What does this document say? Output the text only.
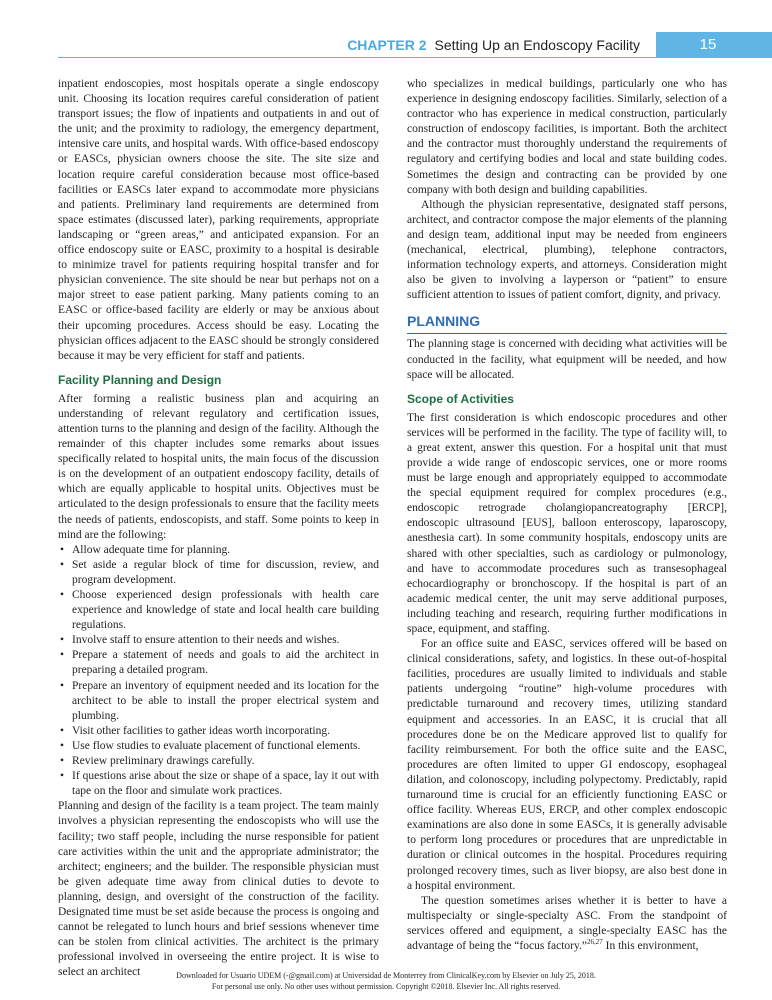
CHAPTER 2 Setting Up an Endoscopy Facility	15

inpatient endoscopies, most hospitals operate a single endoscopy unit. Choosing its location requires careful consideration of patient transport issues; the flow of inpatients and outpatients in and out of the unit; and the proximity to radiology, the emergency department, intensive care units, and hospital wards. With office-based endoscopy or EASCs, physician owners choose the site. The site size and location require careful consideration because most office-based facilities or EASCs later expand to accommodate more physicians and patients. Preliminary land requirements are determined from space estimates (discussed later), parking requirements, appropriate landscaping or “green areas,” and anticipated expansion. For an office endoscopy suite or EASC, proximity to a hospital is desirable to minimize travel for patients requiring hospital transfer and for physician convenience. The site should be near but perhaps not on a major street to ease patient parking. Many patients coming to an EASC or office-based facility are elderly or may be anxious about their upcoming procedures. Access should be easy. Locating the physician offices adjacent to the EASC should be strongly considered because it may be very efficient for staff and patients.

Facility Planning and Design

After forming a realistic business plan and acquiring an understanding of relevant regulatory and certification issues, attention turns to the planning and design of the facility. Although the remainder of this chapter includes some remarks about issues specifically related to hospital units, the main focus of the discussion is on the development of an outpatient endoscopy facility, details of which are equally applicable to hospital units. Objectives must be articulated to the design professionals to ensure that the facility meets the needs of patients, endoscopists, and staff. Some points to keep in mind are the following:

• Allow adequate time for planning.
• Set aside a regular block of time for discussion, review, and program development.
• Choose experienced design professionals with health care experience and knowledge of state and local health care building regulations.
• Involve staff to ensure attention to their needs and wishes.
• Prepare a statement of needs and goals to aid the architect in preparing a detailed program.
• Prepare an inventory of equipment needed and its location for the architect to be able to install the proper electrical system and plumbing.
• Visit other facilities to gather ideas worth incorporating.
• Use flow studies to evaluate placement of functional elements.
• Review preliminary drawings carefully.
• If questions arise about the size or shape of a space, lay it out with tape on the floor and simulate work practices.

Planning and design of the facility is a team project. The team mainly involves a physician representing the endoscopists who will use the facility; two staff people, including the nurse responsible for patient care activities within the unit and the appropriate administrator; the architect; engineers; and the builder. The responsible physician must be given adequate time away from clinical duties to devote to planning, design, and oversight of the construction of the facility. Designated time must be set aside because the process is ongoing and cannot be relegated to lunch hours and brief sessions whenever time can be stolen from clinical activities. The architect is the primary professional involved in overseeing the entire project. It is wise to select an architect

who specializes in medical buildings, particularly one who has experience in designing endoscopy facilities. Similarly, selection of a contractor who has experience in medical construction, particularly construction of endoscopy facilities, is important. Both the architect and the contractor must thoroughly understand the requirements of regulatory and certifying bodies and local and state building codes. Sometimes the design and contracting can be provided by one company with both design and building capabilities.

Although the physician representative, designated staff persons, architect, and contractor compose the major elements of the planning and design team, additional input may be needed from engineers (mechanical, electrical, plumbing), telephone contractors, information technology experts, and attorneys. Consideration might also be given to involving a layperson or “patient” to ensure sufficient attention to issues of patient comfort, dignity, and privacy.

PLANNING

The planning stage is concerned with deciding what activities will be conducted in the facility, what equipment will be needed, and how space will be allocated.

Scope of Activities

The first consideration is which endoscopic procedures and other services will be performed in the facility. The type of facility will, to a great extent, answer this question. For a hospital unit that must provide a wide range of endoscopic services, one or more rooms must be large enough and appropriately equipped to accommodate the special equipment required for complex procedures (e.g., endoscopic retrograde cholangiopancreatography [ERCP], endoscopic ultrasound [EUS], balloon enteroscopy, laparoscopy, anesthesia cart). In some community hospitals, endoscopy units are shared with other specialties, such as cardiology or pulmonology, and have to accommodate procedures such as transesophageal echocardiography or bronchoscopy. If the hospital is part of an academic medical center, the unit may serve additional purposes, including teaching and research, requiring further modifications in space, equipment, and staffing.

For an office suite and EASC, services offered will be based on clinical considerations, safety, and logistics. In these out-of-hospital facilities, procedures are usually limited to individuals and stable patients undergoing “routine” high-volume procedures with predictable turnaround and recovery times, utilizing standard equipment and accessories. In an EASC, it is crucial that all procedures done be on the Medicare approved list to qualify for facility reimbursement. For both the office suite and the EASC, procedures are often limited to upper GI endoscopy, esophageal dilation, and colonoscopy, including polypectomy. Predictably, rapid turnaround time is crucial for an efficiently functioning EASC or office facility. Whereas EUS, ERCP, and other complex endoscopic examinations are also done in some EASCs, it is generally advisable to perform long procedures or procedures that are unpredictable in duration or clinical outcomes in the hospital. Procedures requiring prolonged recovery times, such as liver biopsy, are also best done in a hospital environment.

The question sometimes arises whether it is better to have a multispecialty or single-specialty ASC. From the standpoint of services offered and equipment, a single-specialty EASC has the advantage of being the “focus factory.”$^{26,27}$ In this environment,

Downloaded for Usuario UDEM (-@gmail.com) at Universidad de Monterrey from ClinicalKey.com by Elsevier on July 25, 2018.
For personal use only. No other uses without permission. Copyright ©2018. Elsevier Inc. All rights reserved.
